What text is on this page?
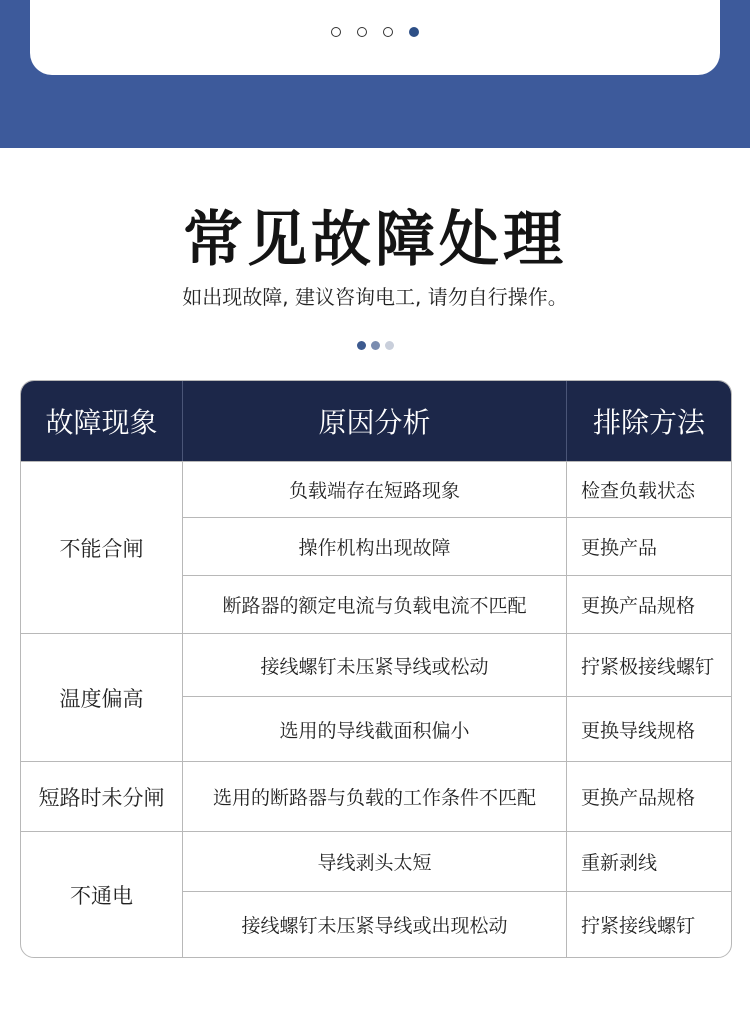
常见故障处理
如出现故障, 建议咨询电工, 请勿自行操作。
故障现象	原因分析	排除方法
不能合闸	负载端存在短路现象	检查负载状态
	操作机构出现故障	更换产品
	断路器的额定电流与负载电流不匹配	更换产品规格
温度偏高	接线螺钉未压紧导线或松动	拧紧极接线螺钉
	选用的导线截面积偏小	更换导线规格
短路时未分闸	选用的断路器与负载的工作条件不匹配	更换产品规格
不通电	导线剥头太短	重新剥线
	接线螺钉未压紧导线或出现松动	拧紧接线螺钉
